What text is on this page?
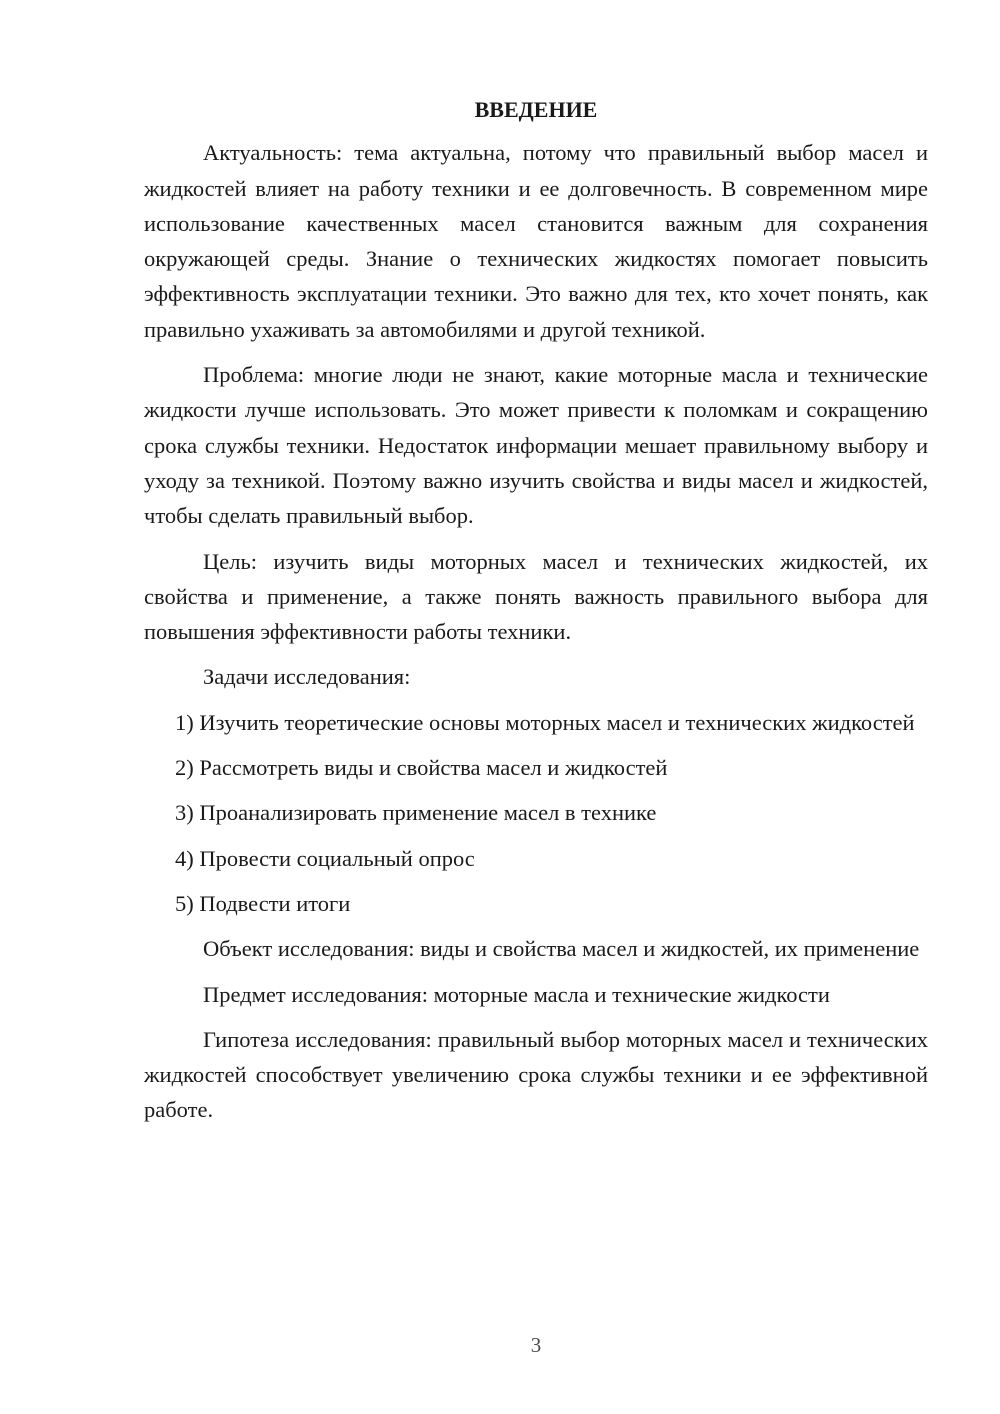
ВВЕДЕНИЕ

Актуальность: тема актуальна, потому что правильный выбор масел и жидкостей влияет на работу техники и ее долговечность. В современном мире использование качественных масел становится важным для сохранения окружающей среды. Знание о технических жидкостях помогает повысить эффективность эксплуатации техники. Это важно для тех, кто хочет понять, как правильно ухаживать за автомобилями и другой техникой.

Проблема: многие люди не знают, какие моторные масла и технические жидкости лучше использовать. Это может привести к поломкам и сокращению срока службы техники. Недостаток информации мешает правильному выбору и уходу за техникой. Поэтому важно изучить свойства и виды масел и жидкостей, чтобы сделать правильный выбор.

Цель: изучить виды моторных масел и технических жидкостей, их свойства и применение, а также понять важность правильного выбора для повышения эффективности работы техники.

Задачи исследования:

1) Изучить теоретические основы моторных масел и технических жидкостей

2) Рассмотреть виды и свойства масел и жидкостей

3) Проанализировать применение масел в технике

4) Провести социальный опрос

5) Подвести итоги

Объект исследования: виды и свойства масел и жидкостей, их применение

Предмет исследования: моторные масла и технические жидкости

Гипотеза исследования: правильный выбор моторных масел и технических жидкостей способствует увеличению срока службы техники и ее эффективной работе.

3
